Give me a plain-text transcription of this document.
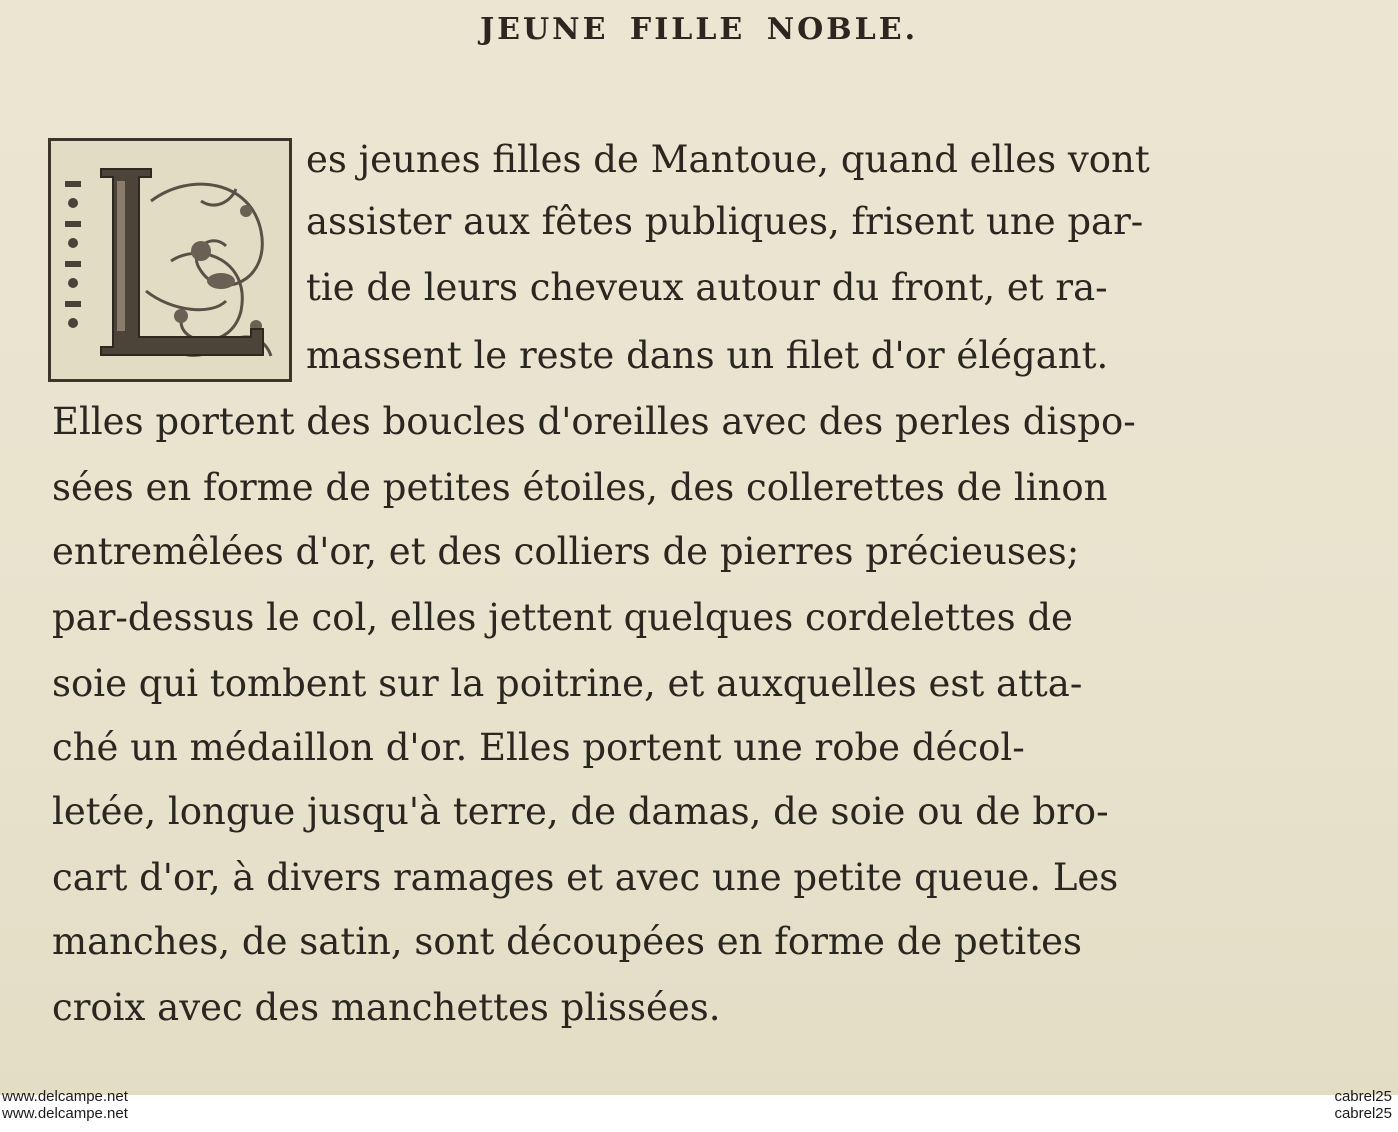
JEUNE FILLE NOBLE.
es jeunes filles de Mantoue, quand elles vont
assister aux fêtes publiques, frisent une par-
tie de leurs cheveux autour du front, et ra-
massent le reste dans un filet d'or élégant.
Elles portent des boucles d'oreilles avec des perles dispo-
sées en forme de petites étoiles, des collerettes de linon
entremêlées d'or, et des colliers de pierres précieuses;
par-dessus le col, elles jettent quelques cordelettes de
soie qui tombent sur la poitrine, et auxquelles est atta-
ché un médaillon d'or. Elles portent une robe décol-
letée, longue jusqu'à terre, de damas, de soie ou de bro-
cart d'or, à divers ramages et avec une petite queue. Les
manches, de satin, sont découpées en forme de petites
croix avec des manchettes plissées.
www.delcampe.net
www.delcampe.net
cabrel25
cabrel25
